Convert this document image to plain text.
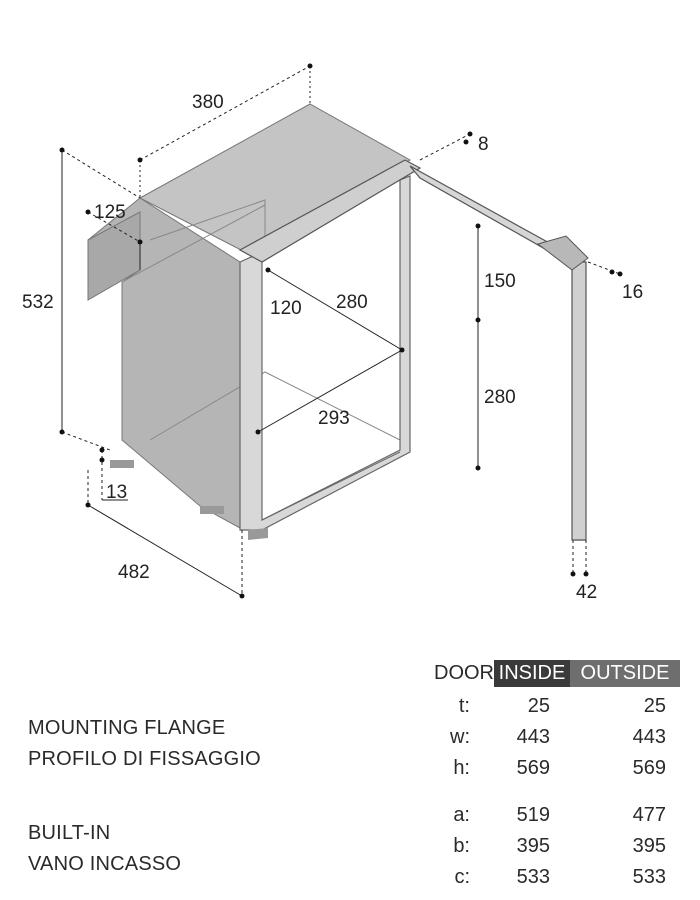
380
8
532
125
150
120 280
280
293
16
13
482
42
MOUNTING FLANGE
PROFILO DI FISSAGGIO
BUILT-IN
VANO INCASSO
DOOR INSIDE OUTSIDE
t:	25	25
w:	443	443
h:	569	569
a:	519	477
b:	395	395
c:	533	533
